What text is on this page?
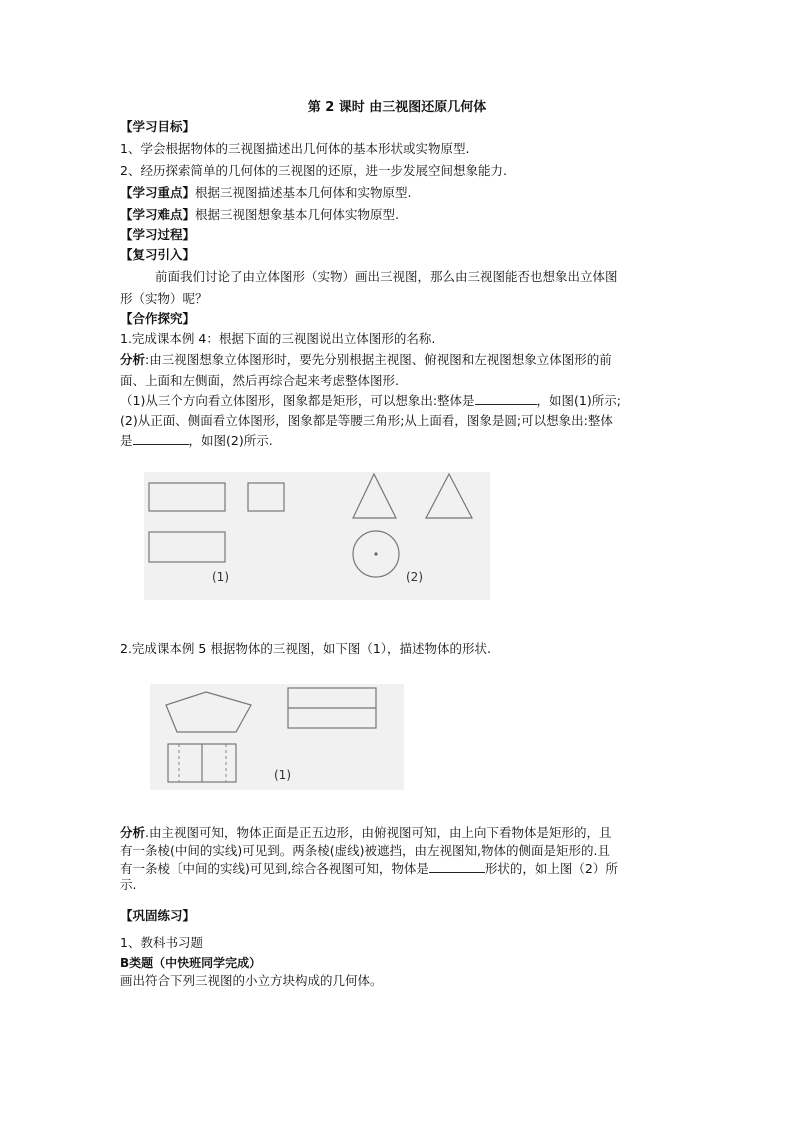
第 2 课时 由三视图还原几何体
【学习目标】
1、学会根据物体的三视图描述出几何体的基本形状或实物原型.
2、经历探索简单的几何体的三视图的还原，进一步发展空间想象能力.
【学习重点】根据三视图描述基本几何体和实物原型.
【学习难点】根据三视图想象基本几何体实物原型.
【学习过程】
【复习引入】
前面我们讨论了由立体图形（实物）画出三视图，那么由三视图能否也想象出立体图
形（实物）呢？
【合作探究】
1.完成课本例 4：根据下面的三视图说出立体图形的名称.
分析:由三视图想象立体图形时，要先分别根据主视图、俯视图和左视图想象立体图形的前
面、上面和左侧面，然后再综合起来考虑整体图形.
（1)从三个方向看立体图形，图象都是矩形，可以想象出:整体是	，如图(1)所示;
(2)从正面、侧面看立体图形，图象都是等腰三角形;从上面看，图象是圆;可以想象出:整体
是	，如图(2)所示.
(1)	(2)
2.完成课本例 5 根据物体的三视图，如下图（1），描述物体的形状.
(1)
分析.由主视图可知，物体正面是正五边形，由俯视图可知，由上向下看物体是矩形的，且
有一条棱(中间的实线)可见到。两条棱(虚线)被遮挡，由左视图知,物体的侧面是矩形的.且
有一条棱〔中间的实线)可见到,综合各视图可知，物体是	形状的，如上图（2）所
示.
【巩固练习】
1、教科书习题
B类题（中快班同学完成）
画出符合下列三视图的小立方块构成的几何体。
